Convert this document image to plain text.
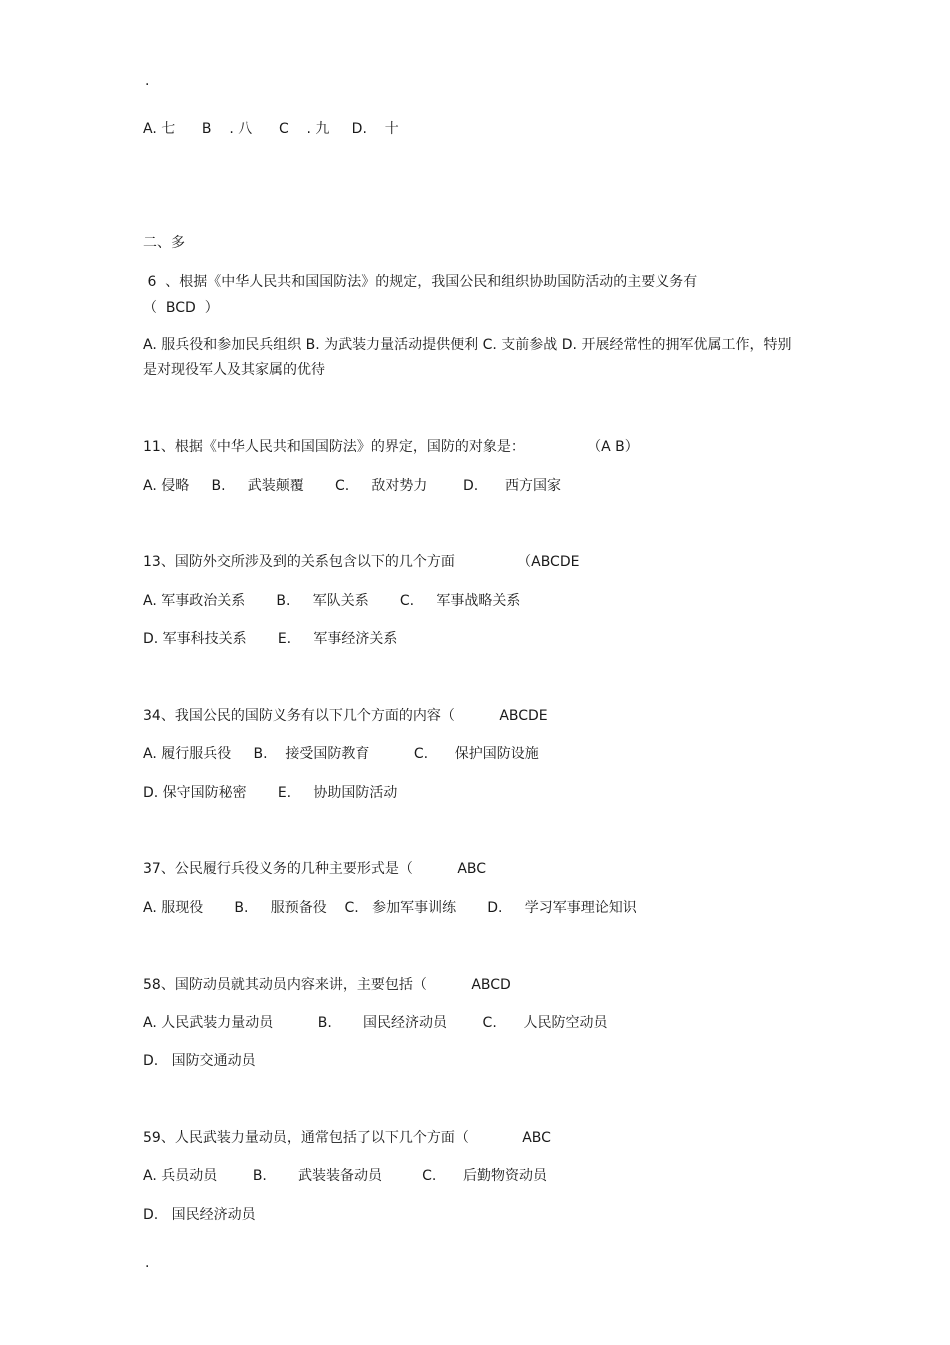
.
A. 七      B    . 八      C    . 九     D.    十
二、多
6  、根据《中华人民共和国国防法》的规定，我国公民和组织协助国防活动的主要义务有
（  BCD  ）
A. 服兵役和参加民兵组织 B. 为武装力量活动提供便利 C. 支前参战 D. 开展经常性的拥军优属工作，特别是对现役军人及其家属的优待
11、根据《中华人民共和国国防法》的界定，国防的对象是：              （A B）
A. 侵略     B.     武装颠覆       C.     敌对势力        D.      西方国家
13、国防外交所涉及到的关系包含以下的几个方面              （ABCDE
A. 军事政治关系       B.     军队关系       C.     军事战略关系
D. 军事科技关系       E.     军事经济关系
34、我国公民的国防义务有以下几个方面的内容（          ABCDE
A. 履行服兵役     B.    接受国防教育          C.      保护国防设施
D. 保守国防秘密       E.     协助国防活动
37、公民履行兵役义务的几种主要形式是（          ABC
A. 服现役       B.     服预备役    C.   参加军事训练       D.     学习军事理论知识
58、国防动员就其动员内容来讲，主要包括（          ABCD
A. 人民武装力量动员          B.       国民经济动员        C.      人民防空动员
D.   国防交通动员
59、人民武装力量动员，通常包括了以下几个方面（            ABC
A. 兵员动员        B.       武装装备动员         C.      后勤物资动员
D.   国民经济动员
.
